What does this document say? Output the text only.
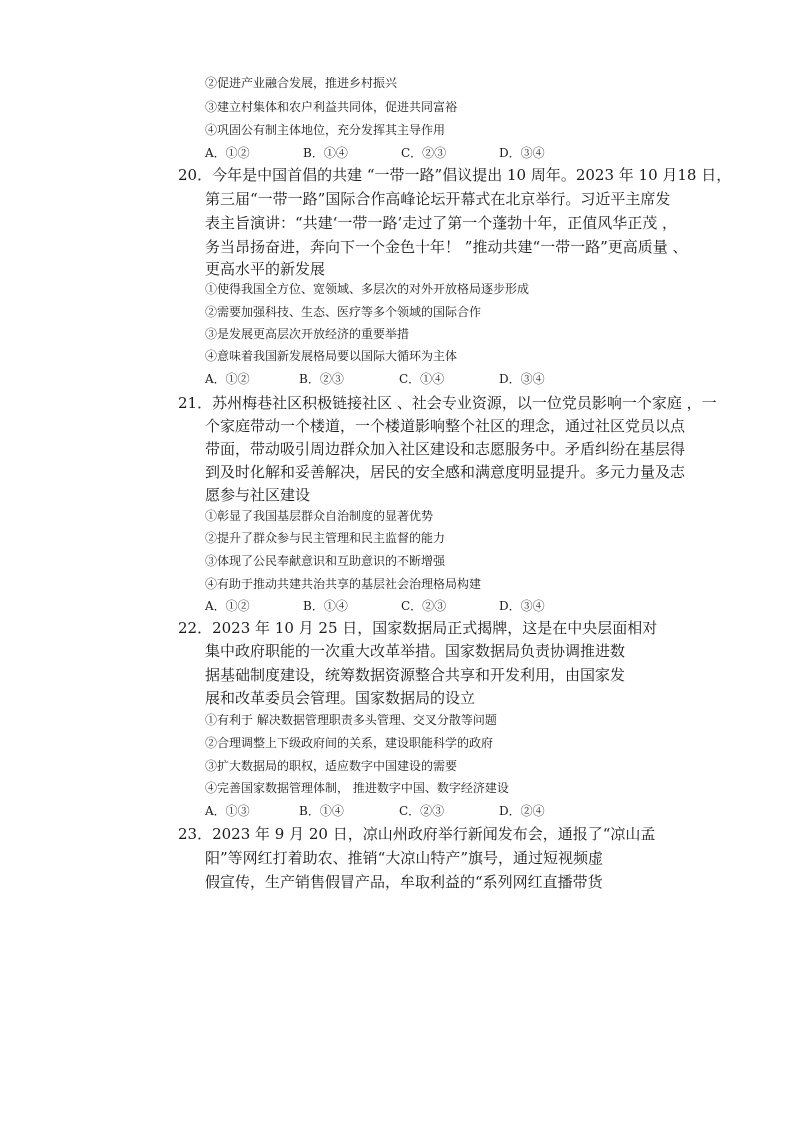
②促进产业融合发展，推进乡村振兴
③建立村集体和农户利益共同体，促进共同富裕
④巩固公有制主体地位，充分发挥其主导作用
A．①②	B．①④	C．②③	D．③④
20．今年是中国首倡的共建 “一带一路”倡议提出 10 周年。2023 年 10 月18 日，
第三届“一带一路”国际合作高峰论坛开幕式在北京举行。习近平主席发
表主旨演讲：“共建‘一带一路’走过了第一个蓬勃十年，正值风华正茂 ，
务当昂扬奋进，奔向下一个金色十年！ ”推动共建“一带一路”更高质量 、
更高水平的新发展
①使得我国全方位、宽领域、多层次的对外开放格局逐步形成
②需要加强科技、生态、医疗等多个领域的国际合作
③是发展更高层次开放经济的重要举措
④意味着我国新发展格局要以国际大循环为主体
A．①②	B．②③	C．①④	D．③④
21．苏州梅巷社区积极链接社区 、社会专业资源，以一位党员影响一个家庭 ，一
个家庭带动一个楼道，一个楼道影响整个社区的理念，通过社区党员以点
带面，带动吸引周边群众加入社区建设和志愿服务中。矛盾纠纷在基层得
到及时化解和妥善解决，居民的安全感和满意度明显提升。多元力量及志
愿参与社区建设
①彰显了我国基层群众自治制度的显著优势
②提升了群众参与民主管理和民主监督的能力
③体现了公民奉献意识和互助意识的不断增强
④有助于推动共建共治共享的基层社会治理格局构建
A．①②	B．①④	C．②③	D．③④
22．2023 年 10 月 25 日，国家数据局正式揭牌，这是在中央层面相对
集中政府职能的一次重大改革举措。国家数据局负责协调推进数
据基础制度建设，统筹数据资源整合共享和开发利用，由国家发
展和改革委员会管理。国家数据局的设立
①有利于 解决数据管理职责多头管理、交叉分散等问题
②合理调整上下级政府间的关系，建设职能科学的政府
③扩大数据局的职权，适应数字中国建设的需要
④完善国家数据管理体制， 推进数字中国、数字经济建设
A．①③	B．①④	C．②③	D．②④
23．2023 年 9 月 20 日，凉山州政府举行新闻发布会，通报了“凉山孟
阳”等网红打着助农、推销“大凉山特产”旗号，通过短视频虚
假宣传，生产销售假冒产品，牟取利益的“系列网红直播带货
